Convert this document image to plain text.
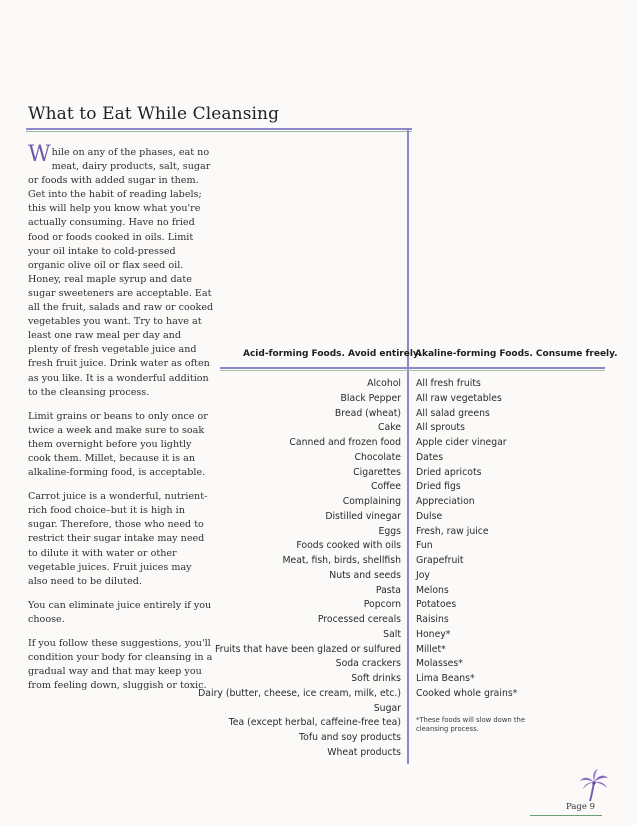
What to Eat While Cleansing

While on any of the phases, eat no meat, dairy products, salt, sugar or foods with added sugar in them. Get into the habit of reading labels; this will help you know what you're actually consuming. Have no fried food or foods cooked in oils. Limit your oil intake to cold-pressed organic olive oil or flax seed oil. Honey, real maple syrup and date sugar sweeteners are acceptable. Eat all the fruit, salads and raw or cooked vegetables you want. Try to have at least one raw meal per day and plenty of fresh vegetable juice and fresh fruit juice. Drink water as often as you like. It is a wonderful addition to the cleansing process.

Limit grains or beans to only once or twice a week and make sure to soak them overnight before you lightly cook them. Millet, because it is an alkaline-forming food, is acceptable.

Carrot juice is a wonderful, nutrient-rich food choice–but it is high in sugar. Therefore, those who need to restrict their sugar intake may need to dilute it with water or other vegetable juices. Fruit juices may also need to be diluted.

You can eliminate juice entirely if you choose.

If you follow these suggestions, you'll condition your body for cleansing in a gradual way and that may keep you from feeling down, sluggish or toxic.

Acid-forming Foods. Avoid entirely.
Akaline-forming Foods. Consume freely.
Alcohol
Black Pepper
Bread (wheat)
Cake
Canned and frozen food
Chocolate
Cigarettes
Coffee
Complaining
Distilled vinegar
Eggs
Foods cooked with oils
Meat, fish, birds, shellfish
Nuts and seeds
Pasta
Popcorn
Processed cereals
Salt
Fruits that have been glazed or sulfured
Soda crackers
Soft drinks
Dairy (butter, cheese, ice cream, milk, etc.)
Sugar
Tea (except herbal, caffeine-free tea)
Tofu and soy products
Wheat products
All fresh fruits
All raw vegetables
All salad greens
All sprouts
Apple cider vinegar
Dates
Dried apricots
Dried figs
Appreciation
Dulse
Fresh, raw juice
Fun
Grapefruit
Joy
Melons
Potatoes
Raisins
Honey*
Millet*
Molasses*
Lima Beans*
Cooked whole grains*
*These foods will slow down the cleansing process.
Page 9
